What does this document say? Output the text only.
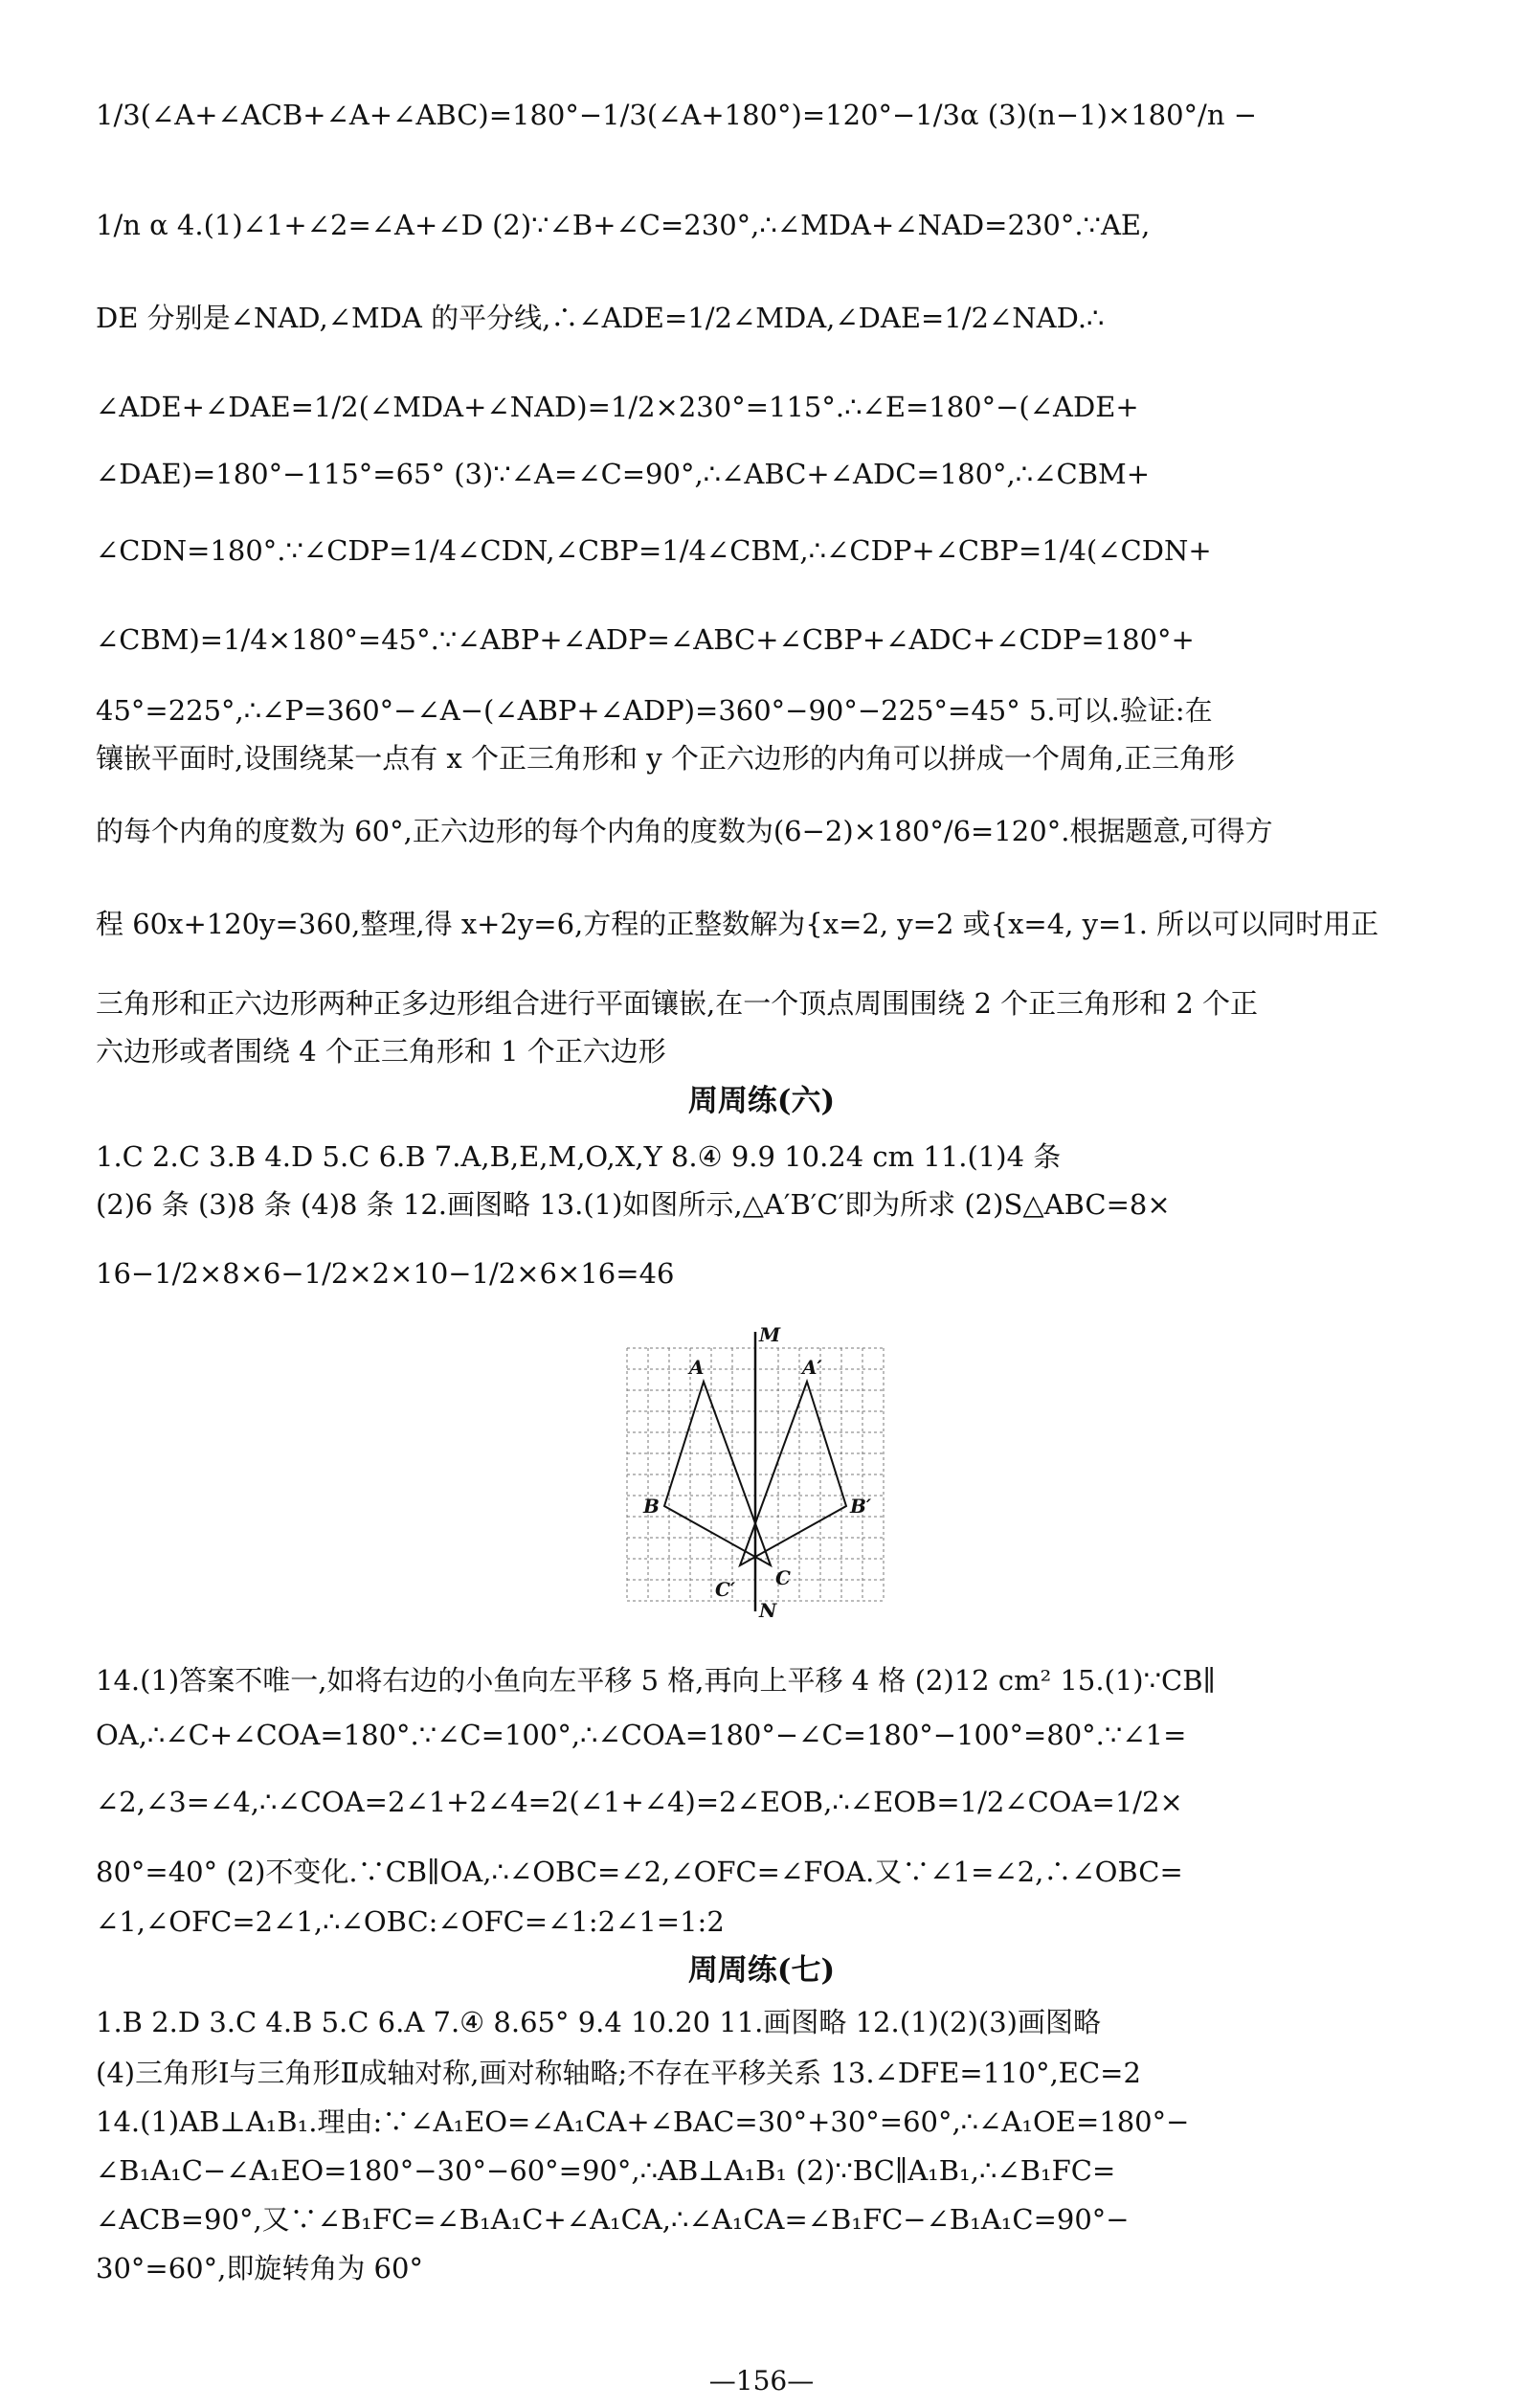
1/3(∠A+∠ACB+∠A+∠ABC)=180°−1/3(∠A+180°)=120°−1/3α (3)(n−1)×180°/n −
1/n α 4.(1)∠1+∠2=∠A+∠D (2)∵∠B+∠C=230°,∴∠MDA+∠NAD=230°.∵AE,
DE 分别是∠NAD,∠MDA 的平分线,∴∠ADE=1/2∠MDA,∠DAE=1/2∠NAD.∴
∠ADE+∠DAE=1/2(∠MDA+∠NAD)=1/2×230°=115°.∴∠E=180°−(∠ADE+
∠DAE)=180°−115°=65° (3)∵∠A=∠C=90°,∴∠ABC+∠ADC=180°,∴∠CBM+
∠CDN=180°.∵∠CDP=1/4∠CDN,∠CBP=1/4∠CBM,∴∠CDP+∠CBP=1/4(∠CDN+
∠CBM)=1/4×180°=45°.∵∠ABP+∠ADP=∠ABC+∠CBP+∠ADC+∠CDP=180°+
45°=225°,∴∠P=360°−∠A−(∠ABP+∠ADP)=360°−90°−225°=45° 5.可以.验证:在
镶嵌平面时,设围绕某一点有 x 个正三角形和 y 个正六边形的内角可以拼成一个周角,正三角形
的每个内角的度数为 60°,正六边形的每个内角的度数为(6−2)×180°/6=120°.根据题意,可得方
程 60x+120y=360,整理,得 x+2y=6,方程的正整数解为{x=2, y=2 或{x=4, y=1. 所以可以同时用正
三角形和正六边形两种正多边形组合进行平面镶嵌,在一个顶点周围围绕 2 个正三角形和 2 个正
六边形或者围绕 4 个正三角形和 1 个正六边形
周周练(六)
1.C 2.C 3.B 4.D 5.C 6.B 7.A,B,E,M,O,X,Y 8.④ 9.9 10.24 cm 11.(1)4 条
(2)6 条 (3)8 条 (4)8 条 12.画图略 13.(1)如图所示,△A′B′C′即为所求 (2)S△ABC=8×
16−1/2×8×6−1/2×2×10−1/2×6×16=46
M
N
A	A′
B	B′
C
C′
14.(1)答案不唯一,如将右边的小鱼向左平移 5 格,再向上平移 4 格 (2)12 cm² 15.(1)∵CB∥
OA,∴∠C+∠COA=180°.∵∠C=100°,∴∠COA=180°−∠C=180°−100°=80°.∵∠1=
∠2,∠3=∠4,∴∠COA=2∠1+2∠4=2(∠1+∠4)=2∠EOB,∴∠EOB=1/2∠COA=1/2×
80°=40° (2)不变化.∵CB∥OA,∴∠OBC=∠2,∠OFC=∠FOA.又∵∠1=∠2,∴∠OBC=
∠1,∠OFC=2∠1,∴∠OBC:∠OFC=∠1:2∠1=1:2
周周练(七)
1.B 2.D 3.C 4.B 5.C 6.A 7.④ 8.65° 9.4 10.20 11.画图略 12.(1)(2)(3)画图略
(4)三角形Ⅰ与三角形Ⅱ成轴对称,画对称轴略;不存在平移关系 13.∠DFE=110°,EC=2
14.(1)AB⊥A₁B₁.理由:∵∠A₁EO=∠A₁CA+∠BAC=30°+30°=60°,∴∠A₁OE=180°−
∠B₁A₁C−∠A₁EO=180°−30°−60°=90°,∴AB⊥A₁B₁ (2)∵BC∥A₁B₁,∴∠B₁FC=
∠ACB=90°,又∵∠B₁FC=∠B₁A₁C+∠A₁CA,∴∠A₁CA=∠B₁FC−∠B₁A₁C=90°−
30°=60°,即旋转角为 60°
—156—
